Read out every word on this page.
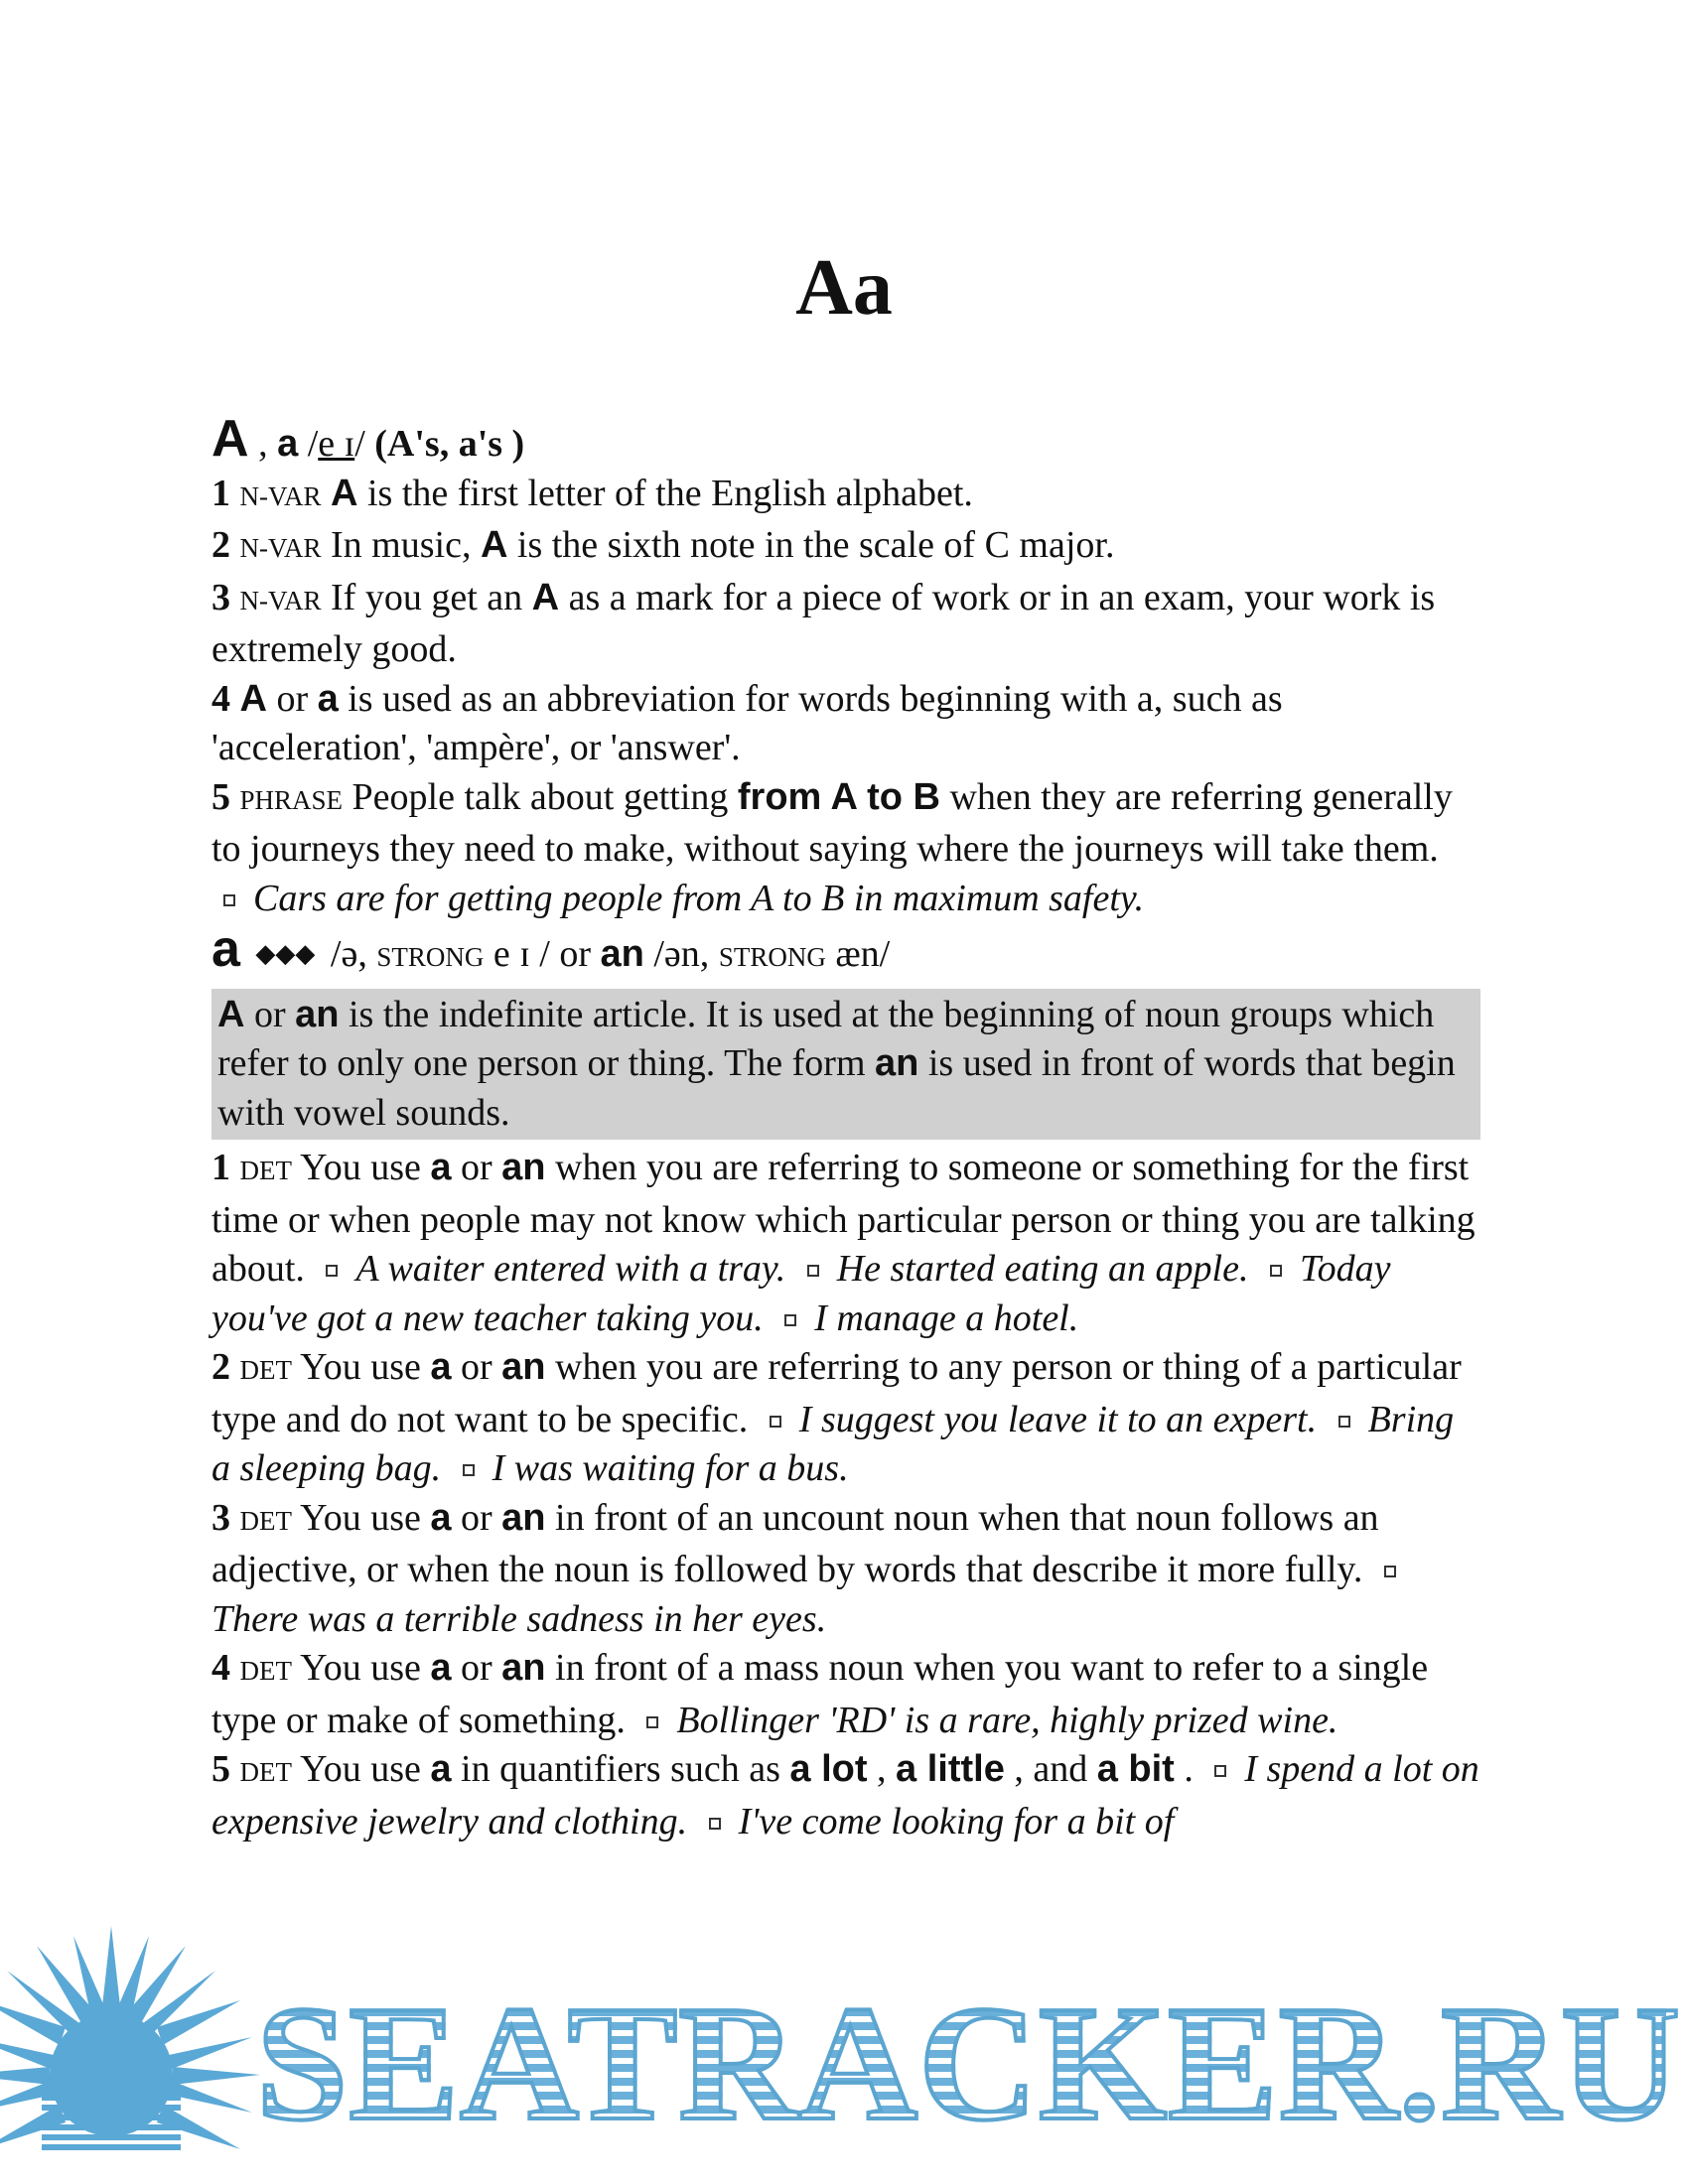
Aa

A , a /e ɪ/ (A's, a's )

1 N-VAR A is the first letter of the English alphabet.

2 N-VAR In music, A is the sixth note in the scale of C major.

3 N-VAR If you get an A as a mark for a piece of work or in an exam, your work is extremely good.

4 A or a is used as an abbreviation for words beginning with a, such as 'acceleration', 'ampère', or 'answer'.

5 PHRASE People talk about getting from A to B when they are referring generally to journeys they need to make, without saying where the journeys will take them. Cars are for getting people from A to B in maximum safety.

a ◆◆◆ /ə, STRONG e ɪ / or an /ən, STRONG æn/

A or an is the indefinite article. It is used at the beginning of noun groups which refer to only one person or thing. The form an is used in front of words that begin with vowel sounds.

1 DET You use a or an when you are referring to someone or something for the first time or when people may not know which particular person or thing you are talking about. A waiter entered with a tray. He started eating an apple. Today you've got a new teacher taking you. I manage a hotel.

2 DET You use a or an when you are referring to any person or thing of a particular type and do not want to be specific. I suggest you leave it to an expert. Bring a sleeping bag. I was waiting for a bus.

3 DET You use a or an in front of an uncount noun when that noun follows an adjective, or when the noun is followed by words that describe it more fully. There was a terrible sadness in her eyes.

4 DET You use a or an in front of a mass noun when you want to refer to a single type or make of something. Bollinger 'RD' is a rare, highly prized wine.

5 DET You use a in quantifiers such as a lot , a little , and a bit . I spend a lot on expensive jewelry and clothing. I've come looking for a bit of

SEATRACKER.RU
